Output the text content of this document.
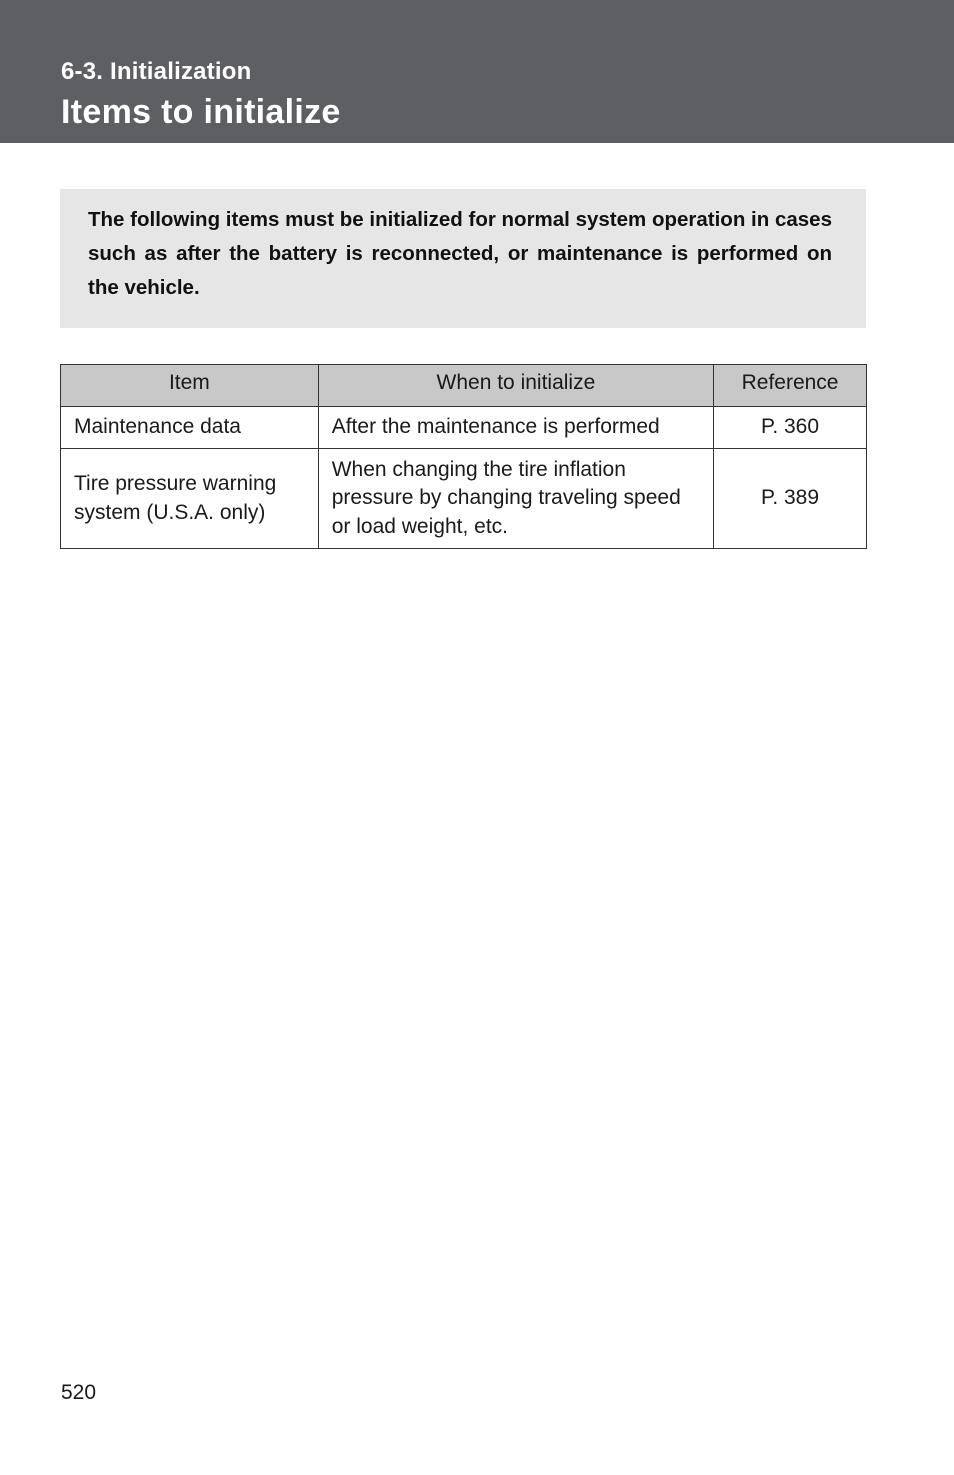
6-3. Initialization
Items to initialize

The following items must be initialized for normal system operation in cases such as after the battery is reconnected, or maintenance is performed on the vehicle.

Item	When to initialize	Reference
Maintenance data	After the maintenance is performed	P. 360
Tire pressure warning system (U.S.A. only)	When changing the tire inflation pressure by changing traveling speed or load weight, etc.	P. 389
520
